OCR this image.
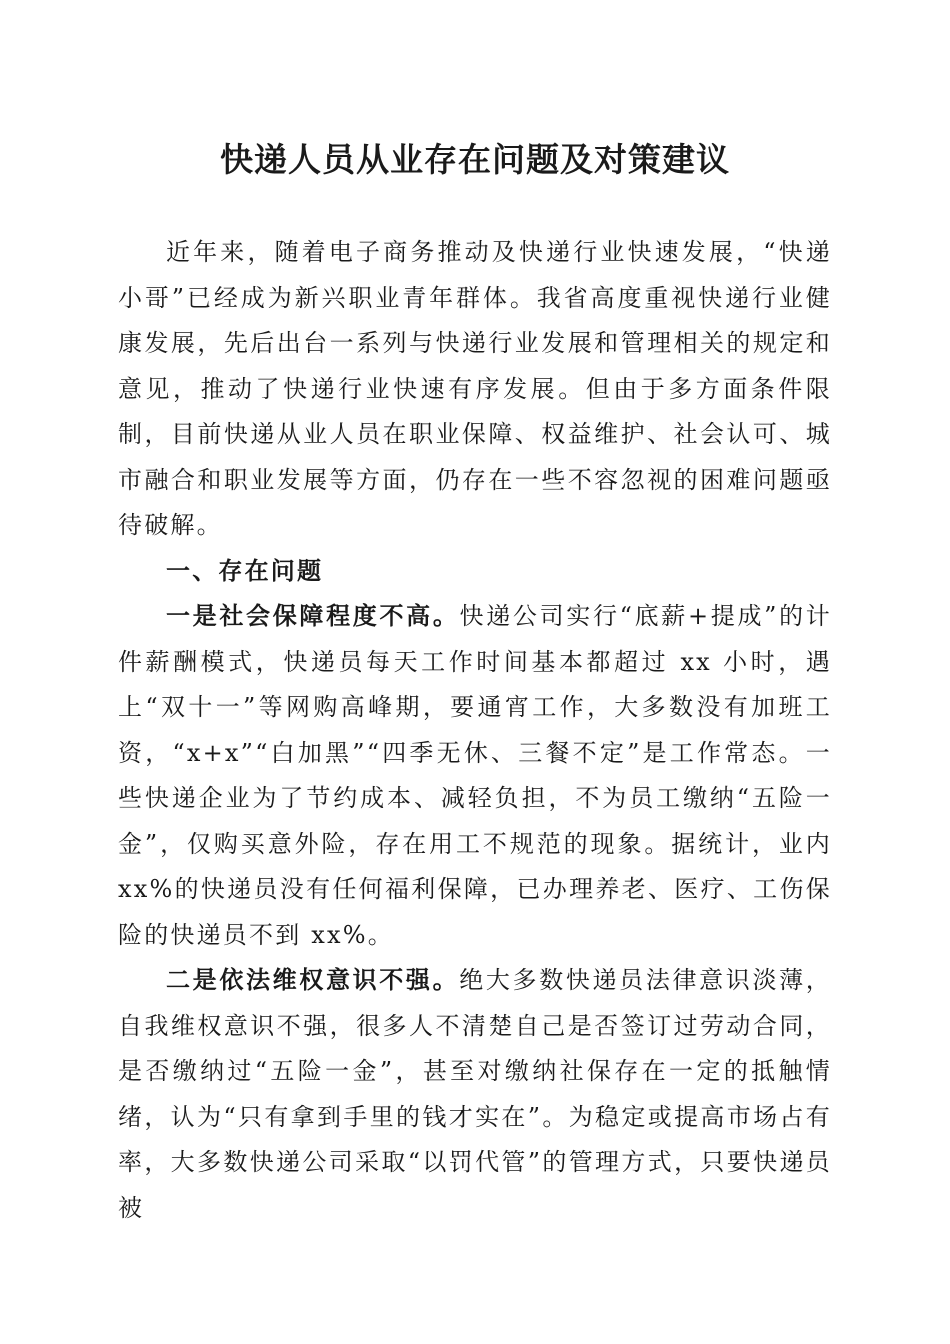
快递人员从业存在问题及对策建议

近年来，随着电子商务推动及快递行业快速发展，“快递小哥”已经成为新兴职业青年群体。我省高度重视快递行业健康发展，先后出台一系列与快递行业发展和管理相关的规定和意见，推动了快递行业快速有序发展。但由于多方面条件限制，目前快递从业人员在职业保障、权益维护、社会认可、城市融合和职业发展等方面，仍存在一些不容忽视的困难问题亟待破解。

一、存在问题

一是社会保障程度不高。快递公司实行“底薪+提成”的计件薪酬模式，快递员每天工作时间基本都超过 xx 小时，遇上“双十一”等网购高峰期，要通宵工作，大多数没有加班工资，“x+x”“白加黑”“四季无休、三餐不定”是工作常态。一些快递企业为了节约成本、减轻负担，不为员工缴纳“五险一金”，仅购买意外险，存在用工不规范的现象。据统计，业内 xx%的快递员没有任何福利保障，已办理养老、医疗、工伤保险的快递员不到 xx%。

二是依法维权意识不强。绝大多数快递员法律意识淡薄，自我维权意识不强，很多人不清楚自己是否签订过劳动合同，是否缴纳过“五险一金”，甚至对缴纳社保存在一定的抵触情绪，认为“只有拿到手里的钱才实在”。为稳定或提高市场占有率，大多数快递公司采取“以罚代管”的管理方式，只要快递员被
